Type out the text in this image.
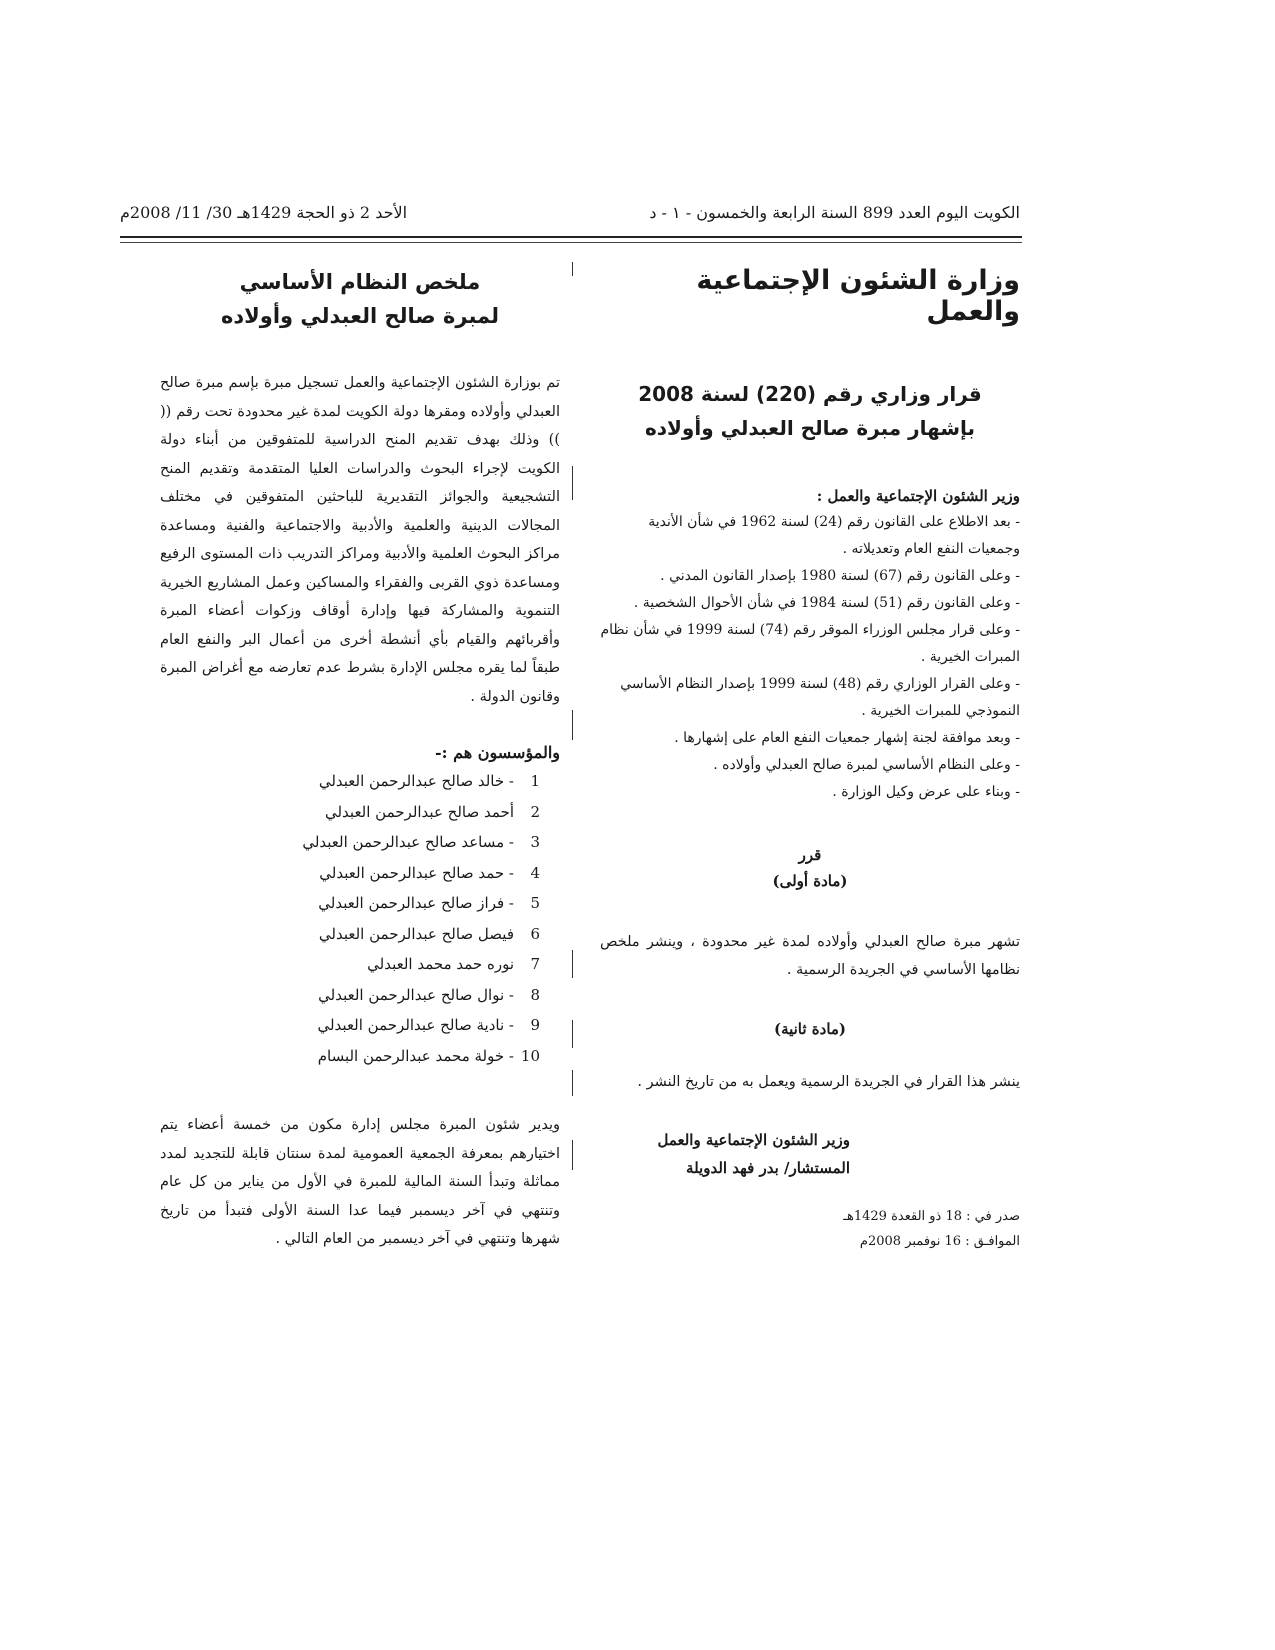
الكويت اليوم العدد 899 السنة الرابعة والخمسون - ١ - د
الأحد 2 ذو الحجة 1429هـ 30/ 11/ 2008م
وزارة الشئون الإجتماعية والعمل

قرار وزاري رقم (220) لسنة 2008

بإشهار مبرة صالح العبدلي وأولاده

وزير الشئون الإجتماعية والعمل :

- بعد الاطلاع على القانون رقم (24) لسنة 1962 في شأن الأندية وجمعيات النفع العام وتعديلاته .
- وعلى القانون رقم (67) لسنة 1980 بإصدار القانون المدني .
- وعلى القانون رقم (51) لسنة 1984 في شأن الأحوال الشخصية .
- وعلى قرار مجلس الوزراء الموقر رقم (74) لسنة 1999 في شأن نظام المبرات الخيرية .
- وعلى القرار الوزاري رقم (48) لسنة 1999 بإصدار النظام الأساسي النموذجي للمبرات الخيرية .
- وبعد موافقة لجنة إشهار جمعيات النفع العام على إشهارها .
- وعلى النظام الأساسي لمبرة صالح العبدلي وأولاده .
- وبناء على عرض وكيل الوزارة .
قرر
(مادة أولى)

تشهر مبرة صالح العبدلي وأولاده لمدة غير محدودة ، وينشر ملخص نظامها الأساسي في الجريدة الرسمية .

(مادة ثانية)

ينشر هذا القرار في الجريدة الرسمية ويعمل به من تاريخ النشر .

وزير الشئون الإجتماعية والعمل

المستشار/ بدر فهد الدويلة

صدر في : 18 ذو القعدة 1429هـ

الموافـق : 16 نوفمبر 2008م

ملخص النظام الأساسي

لمبرة صالح العبدلي وأولاده

تم بوزارة الشئون الإجتماعية والعمل تسجيل مبرة بإسم مبرة صالح العبدلي وأولاده ومقرها دولة الكويت لمدة غير محدودة تحت رقم (( )) وذلك بهدف تقديم المنح الدراسية للمتفوقين من أبناء دولة الكويت لإجراء البحوث والدراسات العليا المتقدمة وتقديم المنح التشجيعية والجوائز التقديرية للباحثين المتفوقين في مختلف المجالات الدينية والعلمية والأدبية والاجتماعية والفنية ومساعدة مراكز البحوث العلمية والأدبية ومراكز التدريب ذات المستوى الرفيع ومساعدة ذوي القربى والفقراء والمساكين وعمل المشاريع الخيرية التنموية والمشاركة فيها وإدارة أوقاف وزكوات أعضاء المبرة وأقربائهم والقيام بأي أنشطة أخرى من أعمال البر والنفع العام طبقاً لما يقره مجلس الإدارة بشرط عدم تعارضه مع أغراض المبرة وقانون الدولة .

والمؤسسون هم :-

1- خالد صالح عبدالرحمن العبدلي
2أحمد صالح عبدالرحمن العبدلي
3- مساعد صالح عبدالرحمن العبدلي
4- حمد صالح عبدالرحمن العبدلي
5- فراز صالح عبدالرحمن العبدلي
6فيصل صالح عبدالرحمن العبدلي
7نوره حمد محمد العبدلي
8- نوال صالح عبدالرحمن العبدلي
9- نادية صالح عبدالرحمن العبدلي
10- خولة محمد عبدالرحمن البسام

ويدير شئون المبرة مجلس إدارة مكون من خمسة أعضاء يتم اختيارهم بمعرفة الجمعية العمومية لمدة سنتان قابلة للتجديد لمدد مماثلة وتبدأ السنة المالية للمبرة في الأول من يناير من كل عام وتنتهي في آخر ديسمبر فيما عدا السنة الأولى فتبدأ من تاريخ شهرها وتنتهي في آخر ديسمبر من العام التالي .
